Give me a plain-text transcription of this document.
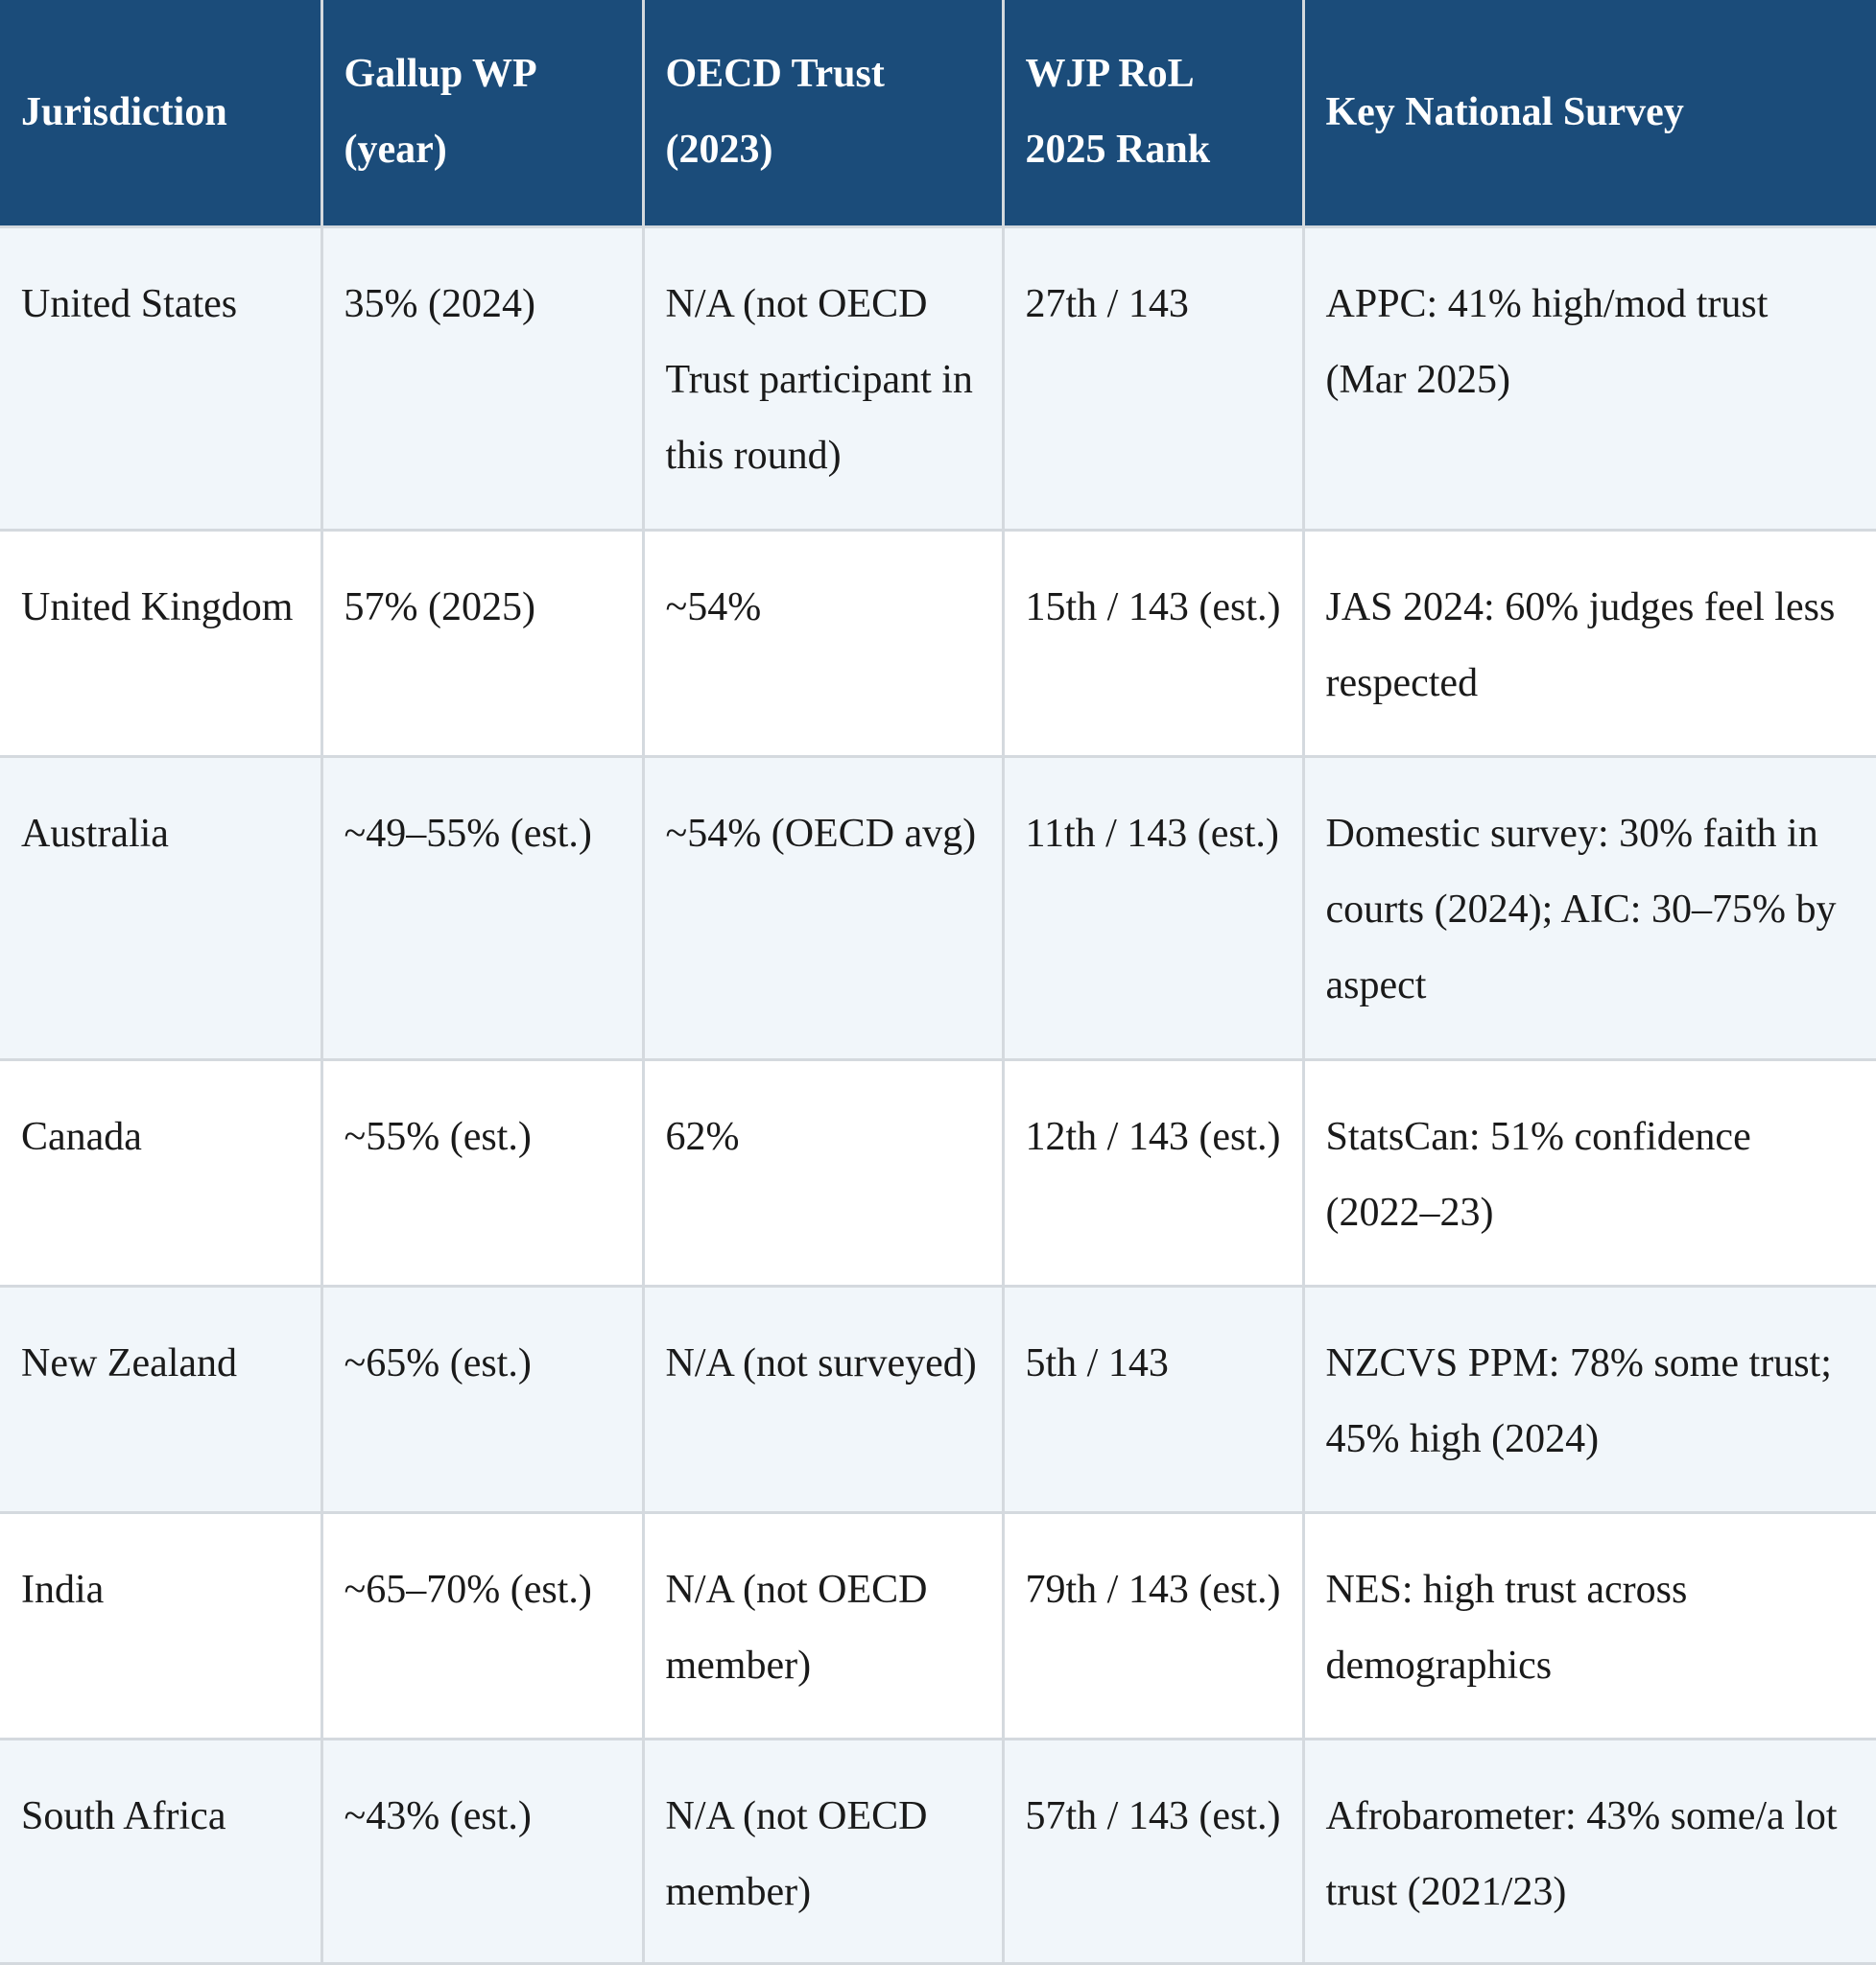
Jurisdiction	Gallup WP (year)	OECD Trust (2023)	WJP RoL 2025 Rank	Key National Survey
United States	35% (2024)	N/A (not OECD Trust participant in this round)	27th / 143	APPC: 41% high/mod trust (Mar 2025)
United Kingdom	57% (2025)	~54%	15th / 143 (est.)	JAS 2024: 60% judges feel less respected
Australia	~49–55% (est.)	~54% (OECD avg)	11th / 143 (est.)	Domestic survey: 30% faith in courts (2024); AIC: 30–75% by aspect
Canada	~55% (est.)	62%	12th / 143 (est.)	StatsCan: 51% confidence (2022–23)
New Zealand	~65% (est.)	N/A (not surveyed)	5th / 143	NZCVS PPM: 78% some trust; 45% high (2024)
India	~65–70% (est.)	N/A (not OECD member)	79th / 143 (est.)	NES: high trust across demographics
South Africa	~43% (est.)	N/A (not OECD member)	57th / 143 (est.)	Afrobarometer: 43% some/a lot trust (2021/23)
